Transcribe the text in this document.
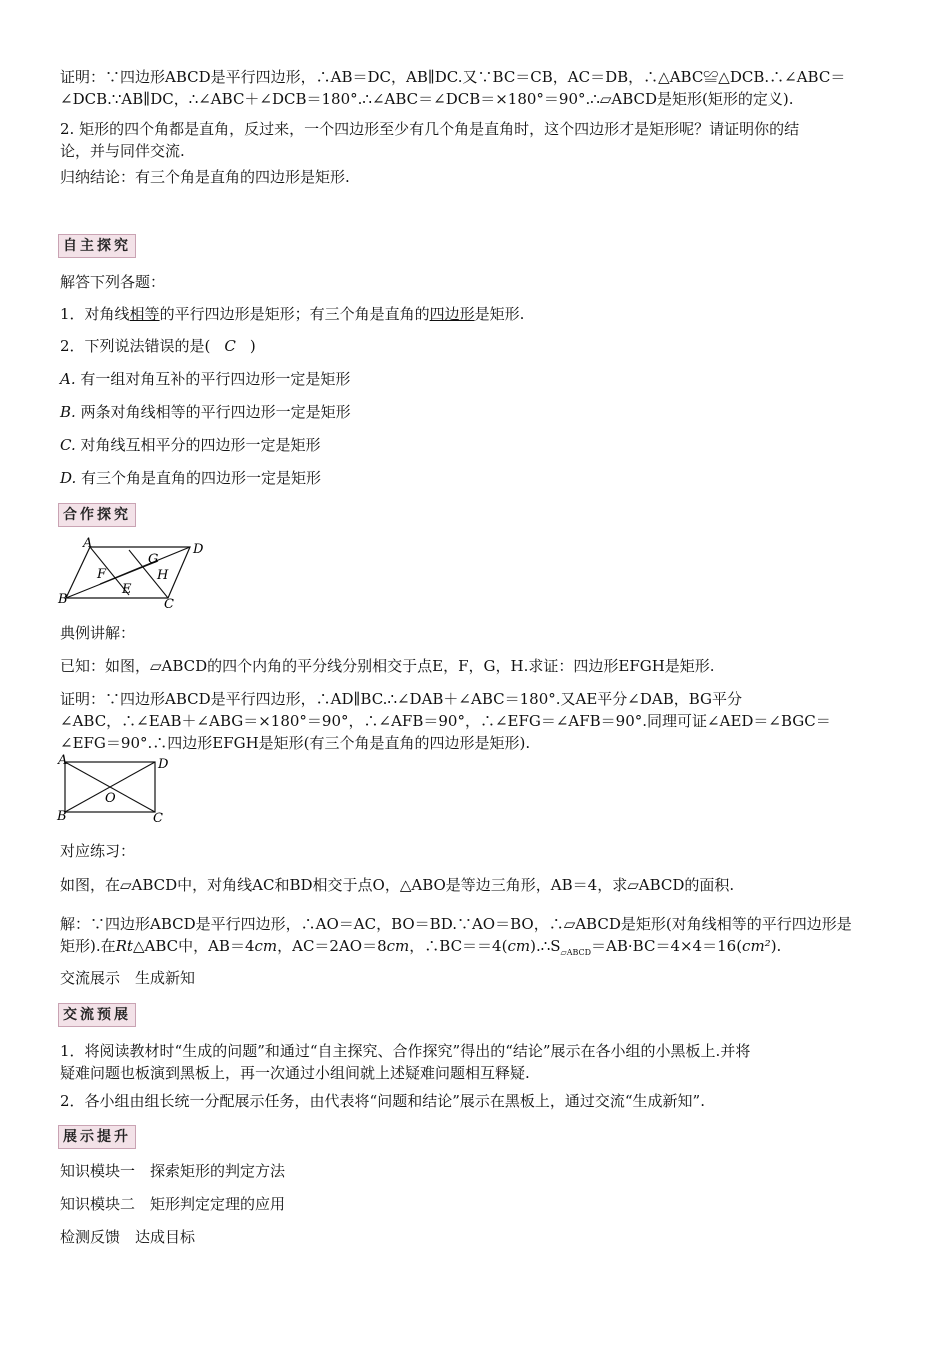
证明：∵四边形ABCD是平行四边形，∴AB＝DC，AB∥DC.又∵BC＝CB，AC＝DB，∴△ABC≌△DCB.∴∠ABC＝
∠DCB.∵AB∥DC，∴∠ABC＋∠DCB＝180°.∴∠ABC＝∠DCB＝×180°＝90°.∴▱ABCD是矩形(矩形的定义).
2. 矩形的四个角都是直角，反过来，一个四边形至少有几个角是直角时，这个四边形才是矩形呢？请证明你的结
论，并与同伴交流.
归纳结论：有三个角是直角的四边形是矩形.
自主探究
解答下列各题：
1．对角线相等的平行四边形是矩形；有三个角是直角的四边形是矩形.
2．下列说法错误的是( C )
A. 有一组对角互补的平行四边形一定是矩形
B. 两条对角线相等的平行四边形一定是矩形
C. 对角线互相平分的四边形一定是矩形
D. 有三个角是直角的四边形一定是矩形
合作探究
A	D
B	C
F
G
H
E
典例讲解：
已知：如图，▱ABCD的四个内角的平分线分别相交于点E，F，G，H.求证：四边形EFGH是矩形.
证明：∵四边形ABCD是平行四边形，∴AD∥BC.∴∠DAB＋∠ABC＝180°.又AE平分∠DAB，BG平分
∠ABC，∴∠EAB＋∠ABG＝×180°＝90°，∴∠AFB＝90°，∴∠EFG＝∠AFB＝90°.同理可证∠AED＝∠BGC＝
∠EFG＝90°.∴四边形EFGH是矩形(有三个角是直角的四边形是矩形).
A	D
B	C
O
对应练习：
如图，在▱ABCD中，对角线AC和BD相交于点O，△ABO是等边三角形，AB＝4，求▱ABCD的面积.
解：∵四边形ABCD是平行四边形，∴AO＝AC，BO＝BD.∵AO＝BO，∴▱ABCD是矩形(对角线相等的平行四边形是
矩形).在Rt△ABC中，AB＝4cm，AC＝2AO＝8cm，$\therefore BC==4(cm).\therefore S_{▱ABCD}=AB\cdot BC=4\times 4=16(cm^2)$.
交流展示　生成新知
交流预展
1．将阅读教材时“生成的问题”和通过“自主探究、合作探究”得出的“结论”展示在各小组的小黑板上.并将
疑难问题也板演到黑板上，再一次通过小组间就上述疑难问题相互释疑.
2．各小组由组长统一分配展示任务，由代表将“问题和结论”展示在黑板上，通过交流“生成新知”.
展示提升
知识模块一　探索矩形的判定方法
知识模块二　矩形判定定理的应用
检测反馈　达成目标
